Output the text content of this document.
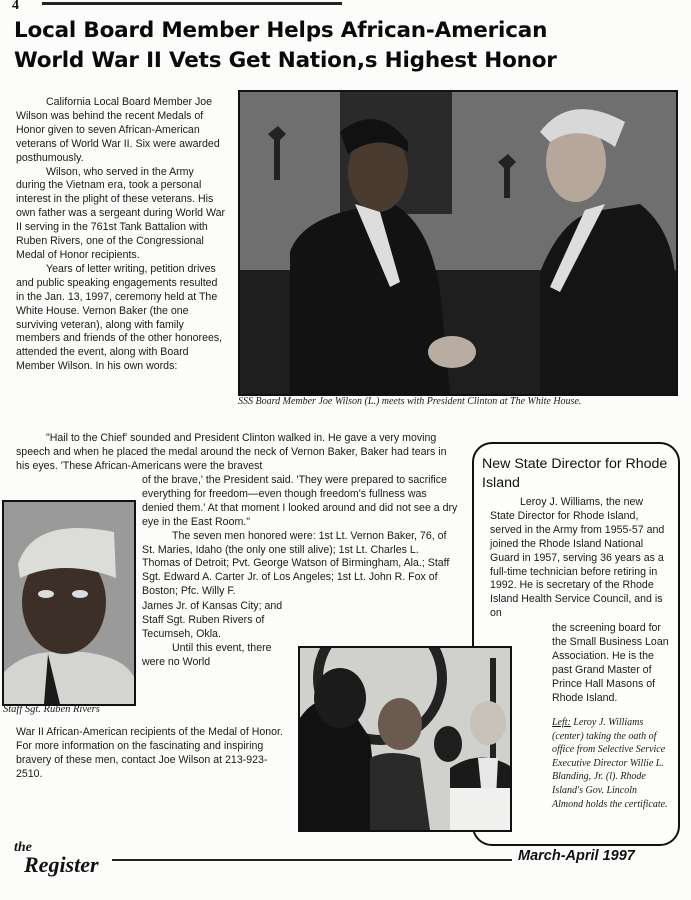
4
Local Board Member Helps African-American
World War II Vets Get Nation,s Highest Honor

California Local Board Member Joe Wilson was behind the recent Medals of Honor given to seven African-American veterans of World War II. Six were awarded posthumously.

Wilson, who served in the Army during the Vietnam era, took a personal interest in the plight of these veterans. His own father was a sergeant during World War II serving in the 761st Tank Battalion with Ruben Rivers, one of the Congressional Medal of Honor recipients.

Years of letter writing, petition drives and public speaking engagements resulted in the Jan. 13, 1997, ceremony held at The White House. Vernon Baker (the one surviving veteran), along with family members and friends of the other honorees, attended the event, along with Board Member Wilson. In his own words:

SSS Board Member Joe Wilson (L.) meets with President Clinton at The White House.

"Hail to the Chief' sounded and President Clinton walked in. He gave a very moving speech and when he placed the medal around the neck of Vernon Baker, Baker had tears in his eyes. 'These African-Americans were the bravest

Staff Sgt. Ruben Rivers

of the brave,' the President said. 'They were prepared to sacrifice everything for freedom—even though freedom's fullness was denied them.' At that moment I looked around and did not see a dry eye in the East Room."

The seven men honored were: 1st Lt. Vernon Baker, 76, of St. Maries, Idaho (the only one still alive); 1st Lt. Charles L. Thomas of Detroit; Pvt. George Watson of Birmingham, Ala.; Staff Sgt. Edward A. Carter Jr. of Los Angeles; 1st Lt. John R. Fox of Boston; Pfc. Willy F.

James Jr. of Kansas City; and Staff Sgt. Ruben Rivers of Tecumseh, Okla.

Until this event, there were no World

War II African-American recipients of the Medal of Honor. For more information on the fascinating and inspiring bravery of these men, contact Joe Wilson at 213-923-2510.

New State Director for Rhode Island

Leroy J. Williams, the new State Director for Rhode Island, served in the Army from 1955-57 and joined the Rhode Island National Guard in 1957, serving 36 years as a full-time technician before retiring in 1992. He is secretary of the Rhode Island Health Service Council, and is on

the screening board for the Small Business Loan Association. He is the past Grand Master of Prince Hall Masons of Rhode Island.

Left: Leroy J. Williams (center) taking the oath of office from Selective Service Executive Director Willie L. Blanding, Jr. (l). Rhode Island's Gov. Lincoln Almond holds the certificate.
the
Register	March-April 1997
